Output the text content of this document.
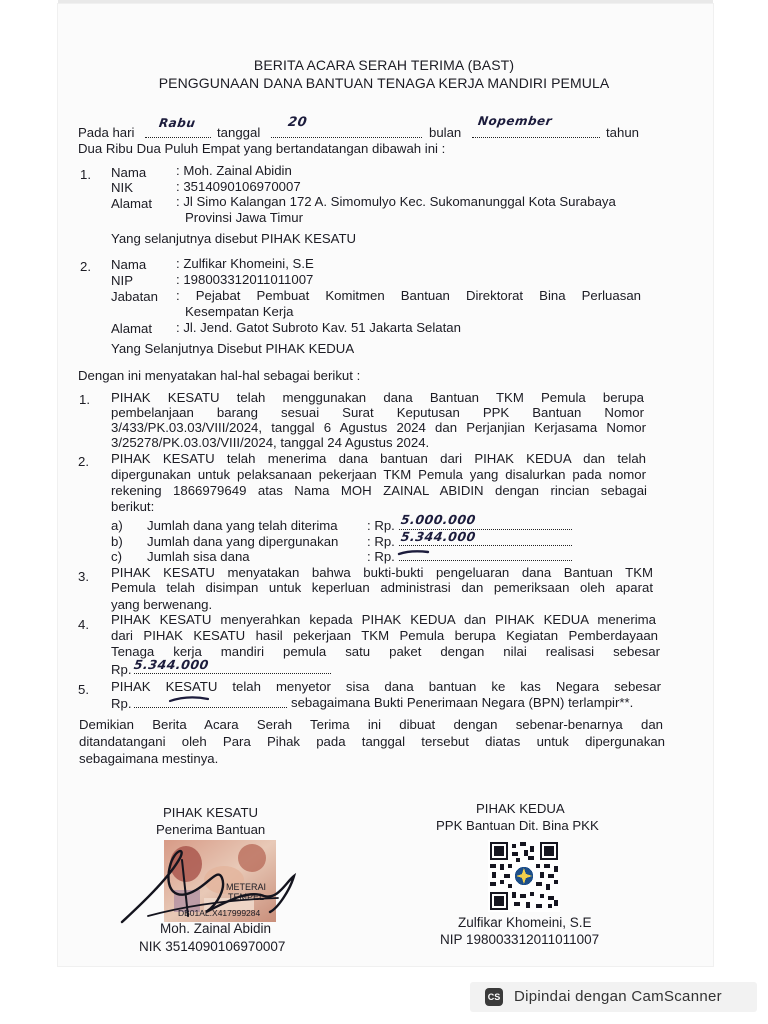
BERITA ACARA SERAH TERIMA (BAST)
PENGGUNAAN DANA BANTUAN TENAGA KERJA MANDIRI PEMULA
Pada hari
Rabu
tanggal
20
bulan
Nopember
tahun
Dua Ribu Dua Puluh Empat yang bertandatangan dibawah ini :
1. Nama : Moh. Zainal Abidin
NIK	: 3514090106970007
Alamat : Jl Simo Kalangan 172 A. Simomulyo Kec. Sukomanunggal Kota Surabaya
Provinsi Jawa Timur
Yang selanjutnya disebut PIHAK KESATU
2. Nama : Zulfikar Khomeini, S.E
NIP	: 198003312011011007
Jabatan : Pejabat Pembuat Komitmen Bantuan Direktorat Bina Perluasan
Kesempatan Kerja
Alamat : Jl. Jend. Gatot Subroto Kav. 51 Jakarta Selatan
Yang Selanjutnya Disebut PIHAK KEDUA
Dengan ini menyatakan hal-hal sebagai berikut :
1. PIHAK KESATU telah menggunakan dana Bantuan TKM Pemula berupa
pembelanjaan barang sesuai Surat Keputusan PPK Bantuan Nomor
3/433/PK.03.03/VIII/2024, tanggal 6 Agustus 2024 dan Perjanjian Kerjasama Nomor
3/25278/PK.03.03/VIII/2024, tanggal 24 Agustus 2024.
2. PIHAK KESATU telah menerima dana bantuan dari PIHAK KEDUA dan telah
dipergunakan untuk pelaksanaan pekerjaan TKM Pemula yang disalurkan pada nomor
rekening 1866979649 atas Nama MOH ZAINAL ABIDIN dengan rincian sebagai
berikut:
a) Jumlah dana yang telah diterima : Rp. 5.000.000
b) Jumlah dana yang dipergunakan : Rp. 5.344.000
c) Jumlah sisa dana	: Rp.
3. PIHAK KESATU menyatakan bahwa bukti-bukti pengeluaran dana Bantuan TKM
Pemula telah disimpan untuk keperluan administrasi dan pemeriksaan oleh aparat
yang berwenang.
4. PIHAK KESATU menyerahkan kepada PIHAK KEDUA dan PIHAK KEDUA menerima
dari PIHAK KESATU hasil pekerjaan TKM Pemula berupa Kegiatan Pemberdayaan
Tenaga kerja mandiri pemula satu paket dengan nilai realisasi sebesar
Rp. 5.344.000
5. PIHAK KESATU telah menyetor sisa dana bantuan ke kas Negara sebesar
Rp.	sebagaimana Bukti Penerimaan Negara (BPN) terlampir**.
Demikian Berita Acara Serah Terima ini dibuat dengan sebenar-benarnya dan
ditandatangani oleh Para Pihak pada tanggal tersebut diatas untuk dipergunakan
sebagaimana mestinya.
PIHAK KESATU
Penerima Bantuan
METERAI
TEMPEL
DB01AL.X417999284
Moh. Zainal Abidin
NIK 3514090106970007
PIHAK KEDUA
PPK Bantuan Dit. Bina PKK
Zulfikar Khomeini, S.E
NIP 198003312011011007
CS Dipindai dengan CamScanner
